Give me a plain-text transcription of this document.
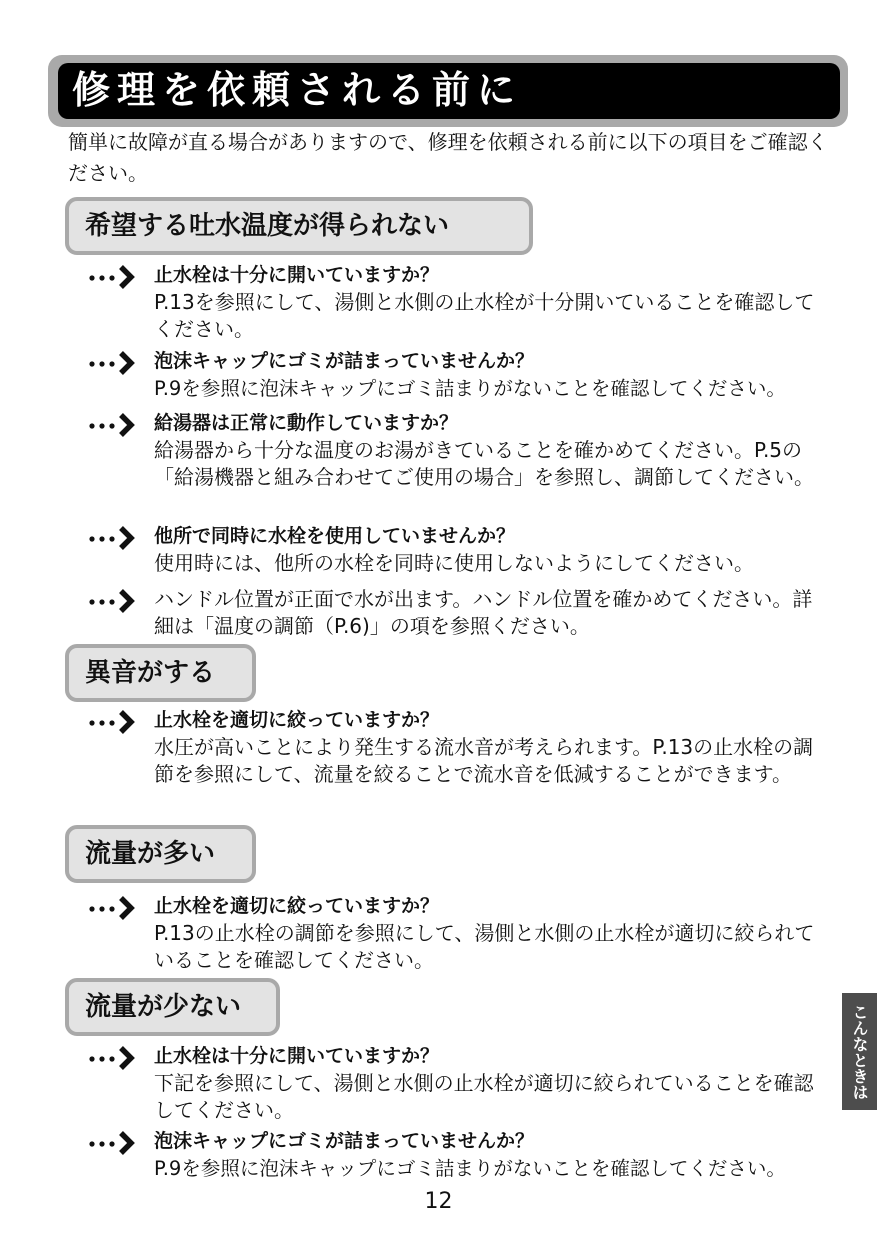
修理を依頼される前に

簡単に故障が直る場合がありますので、修理を依頼される前に以下の項目をご確認ください。

希望する吐水温度が得られない

止水栓は十分に開いていますか？

P.13を参照にして、湯側と水側の止水栓が十分開いていることを確認してください。

泡沫キャップにゴミが詰まっていませんか？

P.9を参照に泡沫キャップにゴミ詰まりがないことを確認してください。

給湯器は正常に動作していますか？

給湯器から十分な温度のお湯がきていることを確かめてください。P.5の「給湯機器と組み合わせてご使用の場合」を参照し、調節してください。

他所で同時に水栓を使用していませんか？

使用時には、他所の水栓を同時に使用しないようにしてください。

ハンドル位置が正面で水が出ます。ハンドル位置を確かめてください。詳細は「温度の調節（P.6)」の項を参照ください。

異音がする

止水栓を適切に絞っていますか？

水圧が高いことにより発生する流水音が考えられます。P.13の止水栓の調節を参照にして、流量を絞ることで流水音を低減することができます。

流量が多い

止水栓を適切に絞っていますか？

P.13の止水栓の調節を参照にして、湯側と水側の止水栓が適切に絞られていることを確認してください。

流量が少ない

止水栓は十分に開いていますか？

下記を参照にして、湯側と水側の止水栓が適切に絞られていることを確認してください。

泡沫キャップにゴミが詰まっていませんか？

P.9を参照に泡沫キャップにゴミ詰まりがないことを確認してください。

12
こんなときは
